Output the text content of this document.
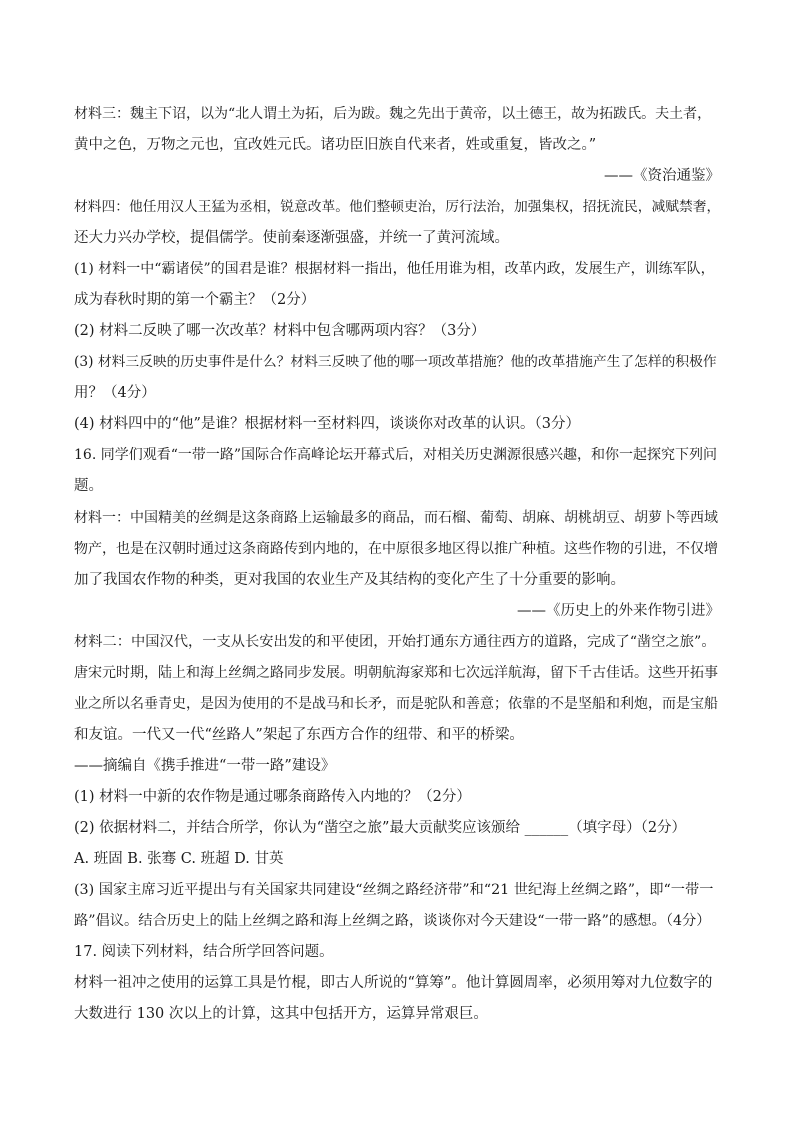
材料三：魏主下诏，以为“北人谓土为拓，后为跋。魏之先出于黄帝，以土德王，故为拓跋氏。夫土者，
黄中之色，万物之元也，宜改姓元氏。诸功臣旧族自代来者，姓或重复，皆改之。”
——《资治通鉴》
材料四：他任用汉人王猛为丞相，锐意改革。他们整顿吏治，厉行法治，加强集权，招抚流民，减赋禁奢，
还大力兴办学校，提倡儒学。使前秦逐渐强盛，并统一了黄河流域。
(1) 材料一中“霸诸侯”的国君是谁？根据材料一指出，他任用谁为相，改革内政，发展生产，训练军队，
成为春秋时期的第一个霸主？（2分）
(2) 材料二反映了哪一次改革？材料中包含哪两项内容？（3分）
(3) 材料三反映的历史事件是什么？材料三反映了他的哪一项改革措施？他的改革措施产生了怎样的积极作
用？（4分）
(4) 材料四中的“他”是谁？根据材料一至材料四，谈谈你对改革的认识。（3分）
16. 同学们观看“一带一路”国际合作高峰论坛开幕式后，对相关历史渊源很感兴趣，和你一起探究下列问
题。
材料一：中国精美的丝绸是这条商路上运输最多的商品，而石榴、葡萄、胡麻、胡桃胡豆、胡萝卜等西域
物产，也是在汉朝时通过这条商路传到内地的，在中原很多地区得以推广种植。这些作物的引进，不仅增
加了我国农作物的种类，更对我国的农业生产及其结构的变化产生了十分重要的影响。
——《历史上的外来作物引进》
材料二：中国汉代，一支从长安出发的和平使团，开始打通东方通往西方的道路，完成了“凿空之旅”。
唐宋元时期，陆上和海上丝绸之路同步发展。明朝航海家郑和七次远洋航海，留下千古佳话。这些开拓事
业之所以名垂青史，是因为使用的不是战马和长矛，而是驼队和善意；依靠的不是坚船和利炮，而是宝船
和友谊。一代又一代“丝路人”架起了东西方合作的纽带、和平的桥梁。
——摘编自《携手推进“一带一路”建设》
(1) 材料一中新的农作物是通过哪条商路传入内地的？（2分）
(2) 依据材料二，并结合所学，你认为“凿空之旅”最大贡献奖应该颁给 ______（填字母）（2分）
A. 班固 B. 张骞 C. 班超 D. 甘英
(3) 国家主席习近平提出与有关国家共同建设“丝绸之路经济带”和“21 世纪海上丝绸之路”，即“一带一
路”倡议。结合历史上的陆上丝绸之路和海上丝绸之路，谈谈你对今天建设“一带一路”的感想。（4分）
17. 阅读下列材料，结合所学回答问题。
材料一祖冲之使用的运算工具是竹棍，即古人所说的“算筹”。他计算圆周率，必须用筹对九位数字的
大数进行 130 次以上的计算，这其中包括开方，运算异常艰巨。
